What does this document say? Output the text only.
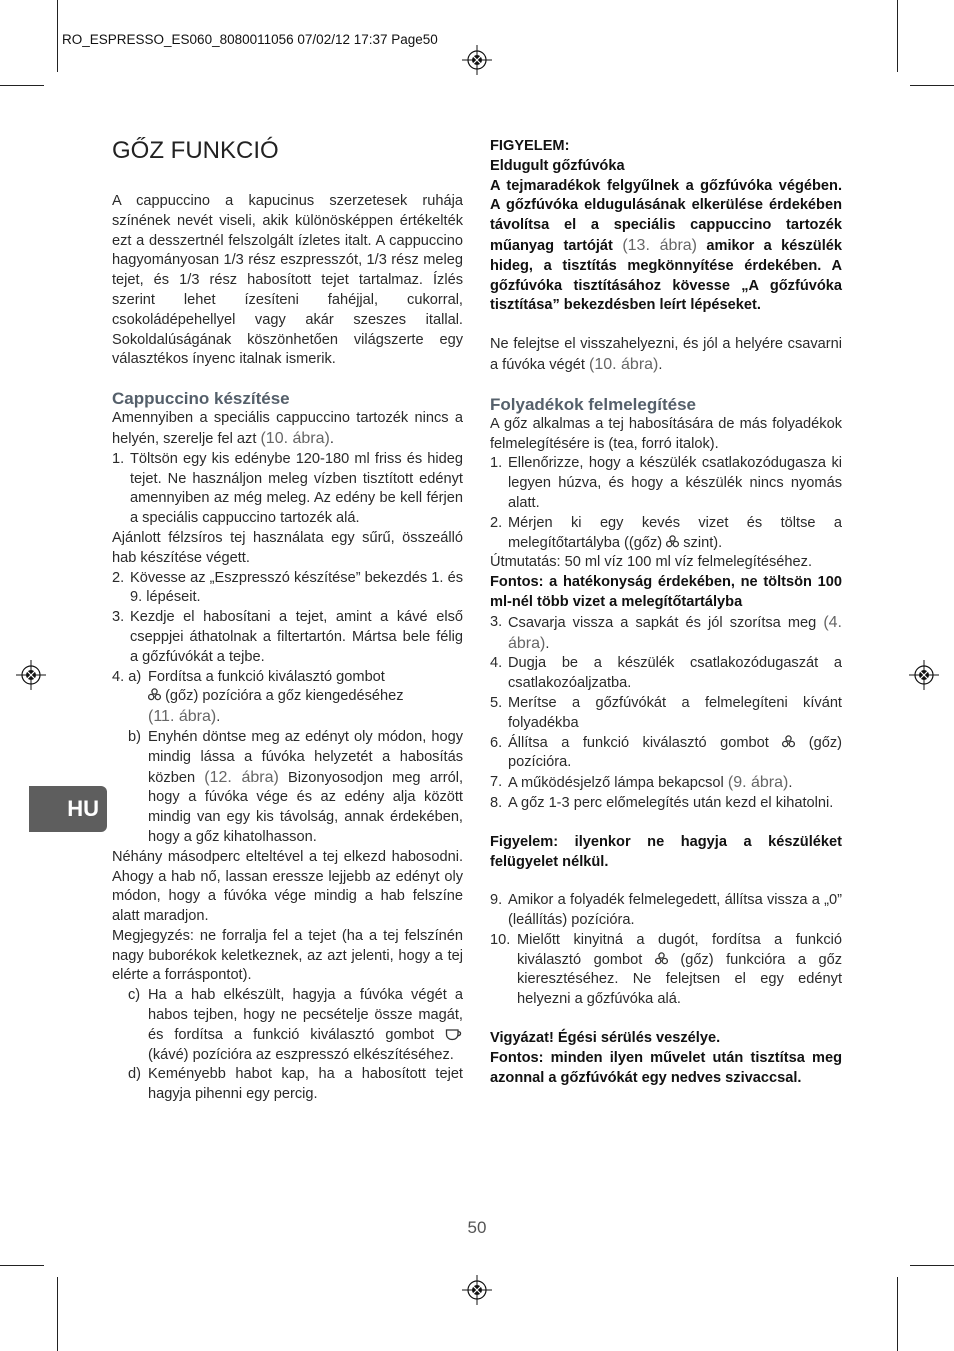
RO_ESPRESSO_ES060_8080011056 07/02/12 17:37 Page50
HU
GŐZ FUNKCIÓ

A cappuccino a kapucinus szerzetesek ruhája színének nevét viseli, akik különösképpen értékelték ezt a desszertnél felszolgált ízletes italt. A cappuccino hagyományosan 1/3 rész eszpresszót, 1/3 rész meleg tejet, és 1/3 rész habosított tejet tartalmaz. Ízlés szerint lehet ízesíteni fahéjjal, cukorral, csokoládépehellyel vagy akár szeszes itallal. Sokoldalúságának köszönhetően világszerte egy választékos ínyenc italnak ismerik.

Cappuccino készítése

Amennyiben a speciális cappuccino tartozék nincs a helyén, szerelje fel azt (10. ábra).

1. Töltsön egy kis edénybe 120-180 ml friss és hideg tejet. Ne használjon meleg vízben tisztított edényt amennyiben az még meleg. Az edény be kell férjen a speciális cappuccino tartozék alá.

Ajánlott félzsíros tej használata egy sűrű, összeálló hab készítése végett.

2. Kövesse az „Eszpresszó készítése” bekezdés 1. és 9. lépéseit.
3. Kezdje el habosítani a tejet, amint a kávé első cseppjei áthatolnak a filtertartón. Mártsa bele félig a gőzfúvókát a tejbe.
4. a) Fordítsa a funkció kiválasztó gombot
(gőz) pozícióra a gőz kiengedéséhez
(11. ábra).
b) Enyhén döntse meg az edényt oly módon, hogy mindig lássa a fúvóka helyzetét a habosítás közben (12. ábra) Bizonyosodjon meg arról, hogy a fúvóka vége és az edény alja között mindig van egy kis távolság, annak érdekében, hogy a gőz kihatolhasson.

Néhány másodperc elteltével a tej elkezd habosodni. Ahogy a hab nő, lassan eressze lejjebb az edényt oly módon, hogy a fúvóka vége mindig a hab felszíne alatt maradjon.

Megjegyzés: ne forralja fel a tejet (ha a tej felszínén nagy buborékok keletkeznek, az azt jelenti, hogy a tej elérte a forráspontot).

c) Ha a hab elkészült, hagyja a fúvóka végét a habos tejben, hogy ne pecsételje össze magát, és fordítsa a funkció kiválasztó gombot  (kávé) pozícióra az eszpresszó elkészítéséhez.
d) Keményebb habot kap, ha a habosított tejet hagyja pihenni egy percig.

FIGYELEM:

Eldugult gőzfúvóka

A tejmaradékok felgyűlnek a gőzfúvóka végében. A gőzfúvóka eldugulásának elkerülése érdekében távolítsa el a speciális cappuccino tartozék műanyag tartóját (13. ábra) amikor a készülék hideg, a tisztítás megkönnyítése érdekében. A gőzfúvóka tisztításához kövesse „A gőzfúvóka tisztítása” bekezdésben leírt lépéseket.

Ne felejtse el visszahelyezni, és jól a helyére csavarni a fúvóka végét (10. ábra).

Folyadékok felmelegítése

A gőz alkalmas a tej habosítására de más folyadékok felmelegítésére is (tea, forró italok).

1. Ellenőrizze, hogy a készülék csatlakozódugasza ki legyen húzva, és hogy a készülék nincs nyomás alatt.
2. Mérjen ki egy kevés vizet és töltse a melegítőtartályba ((gőz) szint).

Útmutatás: 50 ml víz 100 ml víz felmelegítéséhez.

Fontos: a hatékonyság érdekében, ne töltsön 100 ml-nél több vizet a melegítőtartályba

3. Csavarja vissza a sapkát és jól szorítsa meg (4. ábra).
4. Dugja be a készülék csatlakozódugaszát a csatlakozóaljzatba.
5. Merítse a gőzfúvókát a felmelegíteni kívánt folyadékba
6. Állítsa a funkció kiválasztó gombot	(gőz) pozícióra.
7. A működésjelző lámpa bekapcsol (9. ábra).
8. A gőz 1-3 perc előmelegítés után kezd el kihatolni.

Figyelem: ilyenkor ne hagyja a készüléket felügyelet nélkül.

9. Amikor a folyadék felmelegedett, állítsa vissza a „0” (leállítás) pozícióra.
10. Mielőtt kinyitná a dugót, fordítsa a funkció kiválasztó gombot	(gőz) funkcióra a gőz kieresztéséhez. Ne felejtsen el egy edényt helyezni a gőzfúvóka alá.

Vigyázat! Égési sérülés veszélye.

Fontos: minden ilyen művelet után tisztítsa meg azonnal a gőzfúvókát egy nedves szivaccsal.

50
